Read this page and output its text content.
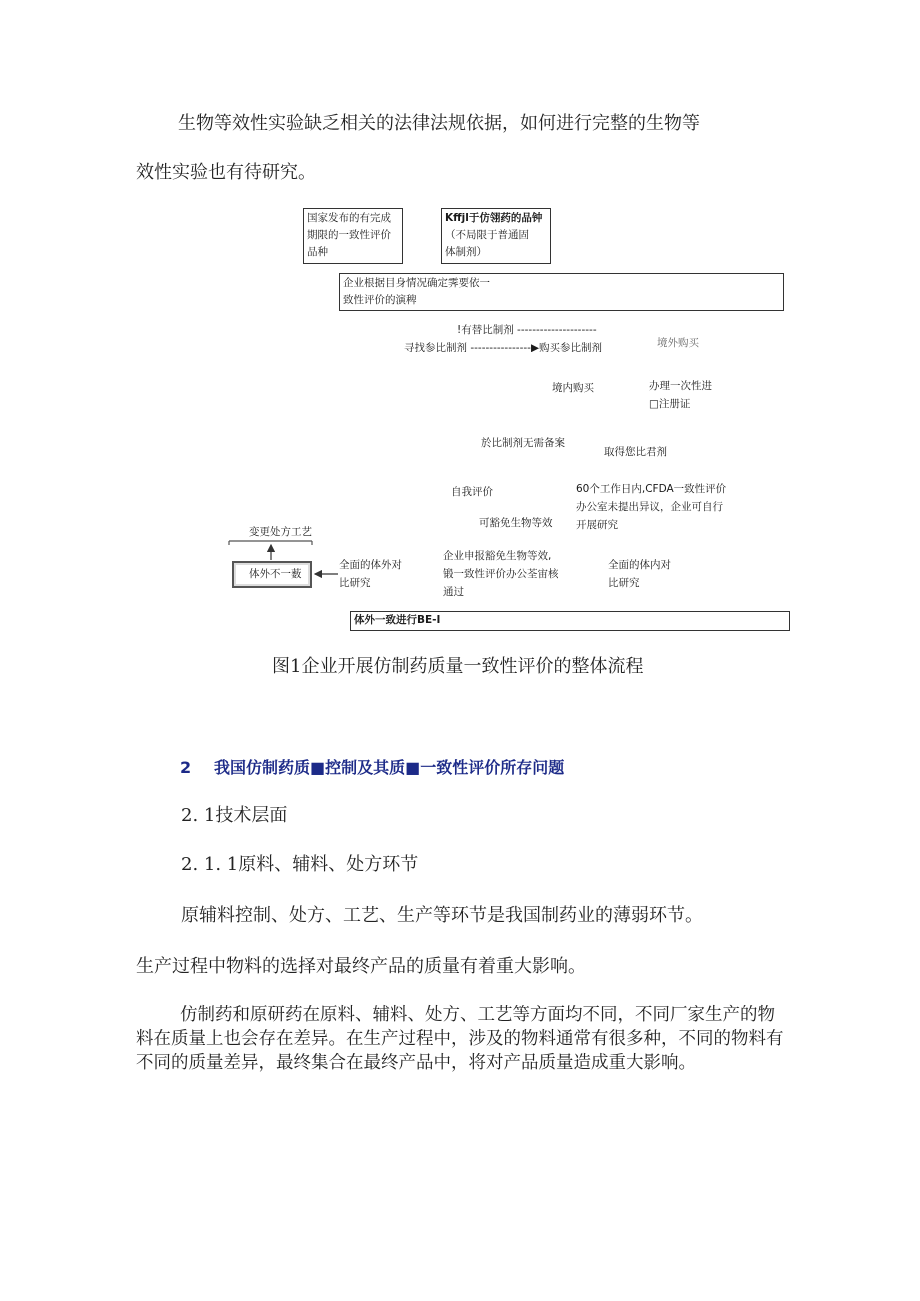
生物等效性实验缺乏相关的法律法规依据，如何进行完整的生物等
效性实验也有待研究。
国家发布的有完成
期限的一致性评价
品种
Kffjl于仿翎药的品钟
（不局限于普通固
体制剂）
企业根据目身情况确定霁要依一
致性评价的演稗
!有替比制剂 ---------------------
寻找参比制剂 ----------------▶购买参比制剂	境外购买
境内购买	办理一次性进
□注册证
於比制剂无需备案
取得您比君剂
自我评价	60个工作日内,CFDA一致性评价
办公室未提出异议，企业可自行
开展研究
可豁免生物等效
变更处方工艺
体外不一薮
全面的体外对
比研究
企业申报豁免生物等效,
锻一致性评价办公荃宙核
通过
全面的体内对
比研究
体外一致进行BE-I
图1企业开展仿制药质量一致性评价的整体流程
2 我国仿制药质■控制及其质■一致性评价所存问题
2. 1技术层面
2. 1. 1原料、辅料、处方环节
原辅料控制、处方、工艺、生产等环节是我国制药业的薄弱环节。
生产过程中物料的选择对最终产品的质量有着重大影响。
仿制药和原研药在原料、辅料、处方、工艺等方面均不同，不同厂家生产的物料在质量上也会存在差异。在生产过程中，涉及的物料通常有很多种，不同的物料有不同的质量差异，最终集合在最终产品中，将对产品质量造成重大影响。
